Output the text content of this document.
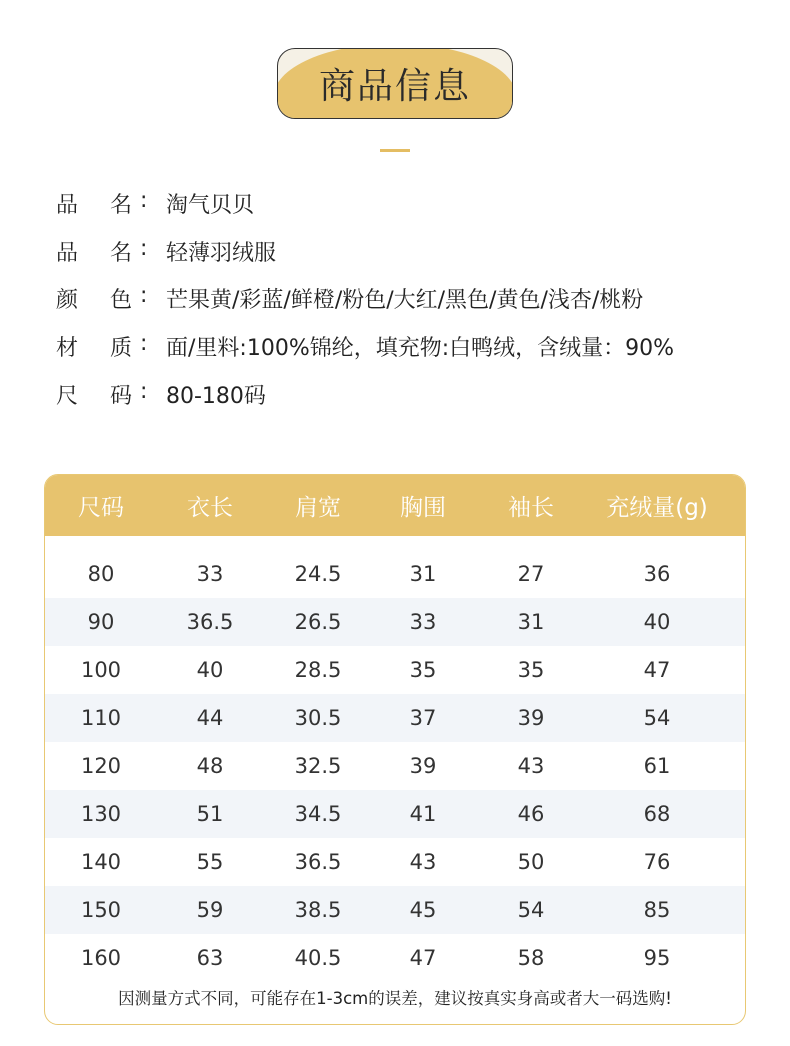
商品信息
品	名 : 淘气贝贝
品	名 : 轻薄羽绒服
颜	色 : 芒果黄/彩蓝/鲜橙/粉色/大红/黑色/黄色/浅杏/桃粉
材	质 : 面/里料:100%锦纶，填充物:白鸭绒，含绒量：90%
尺	码 : 80-180码
尺码	衣长	肩宽	胸围	袖长 充绒量(g)
80	33	24.5	31	27	36
90	36.5	26.5	33	31	40
100	40	28.5	35	35	47
110	44	30.5	37	39	54
120	48	32.5	39	43	61
130	51	34.5	41	46	68
140	55	36.5	43	50	76
150	59	38.5	45	54	85
160	63	40.5	47	58	95
因测量方式不同，可能存在1-3cm的误差，建议按真实身高或者大一码选购!
